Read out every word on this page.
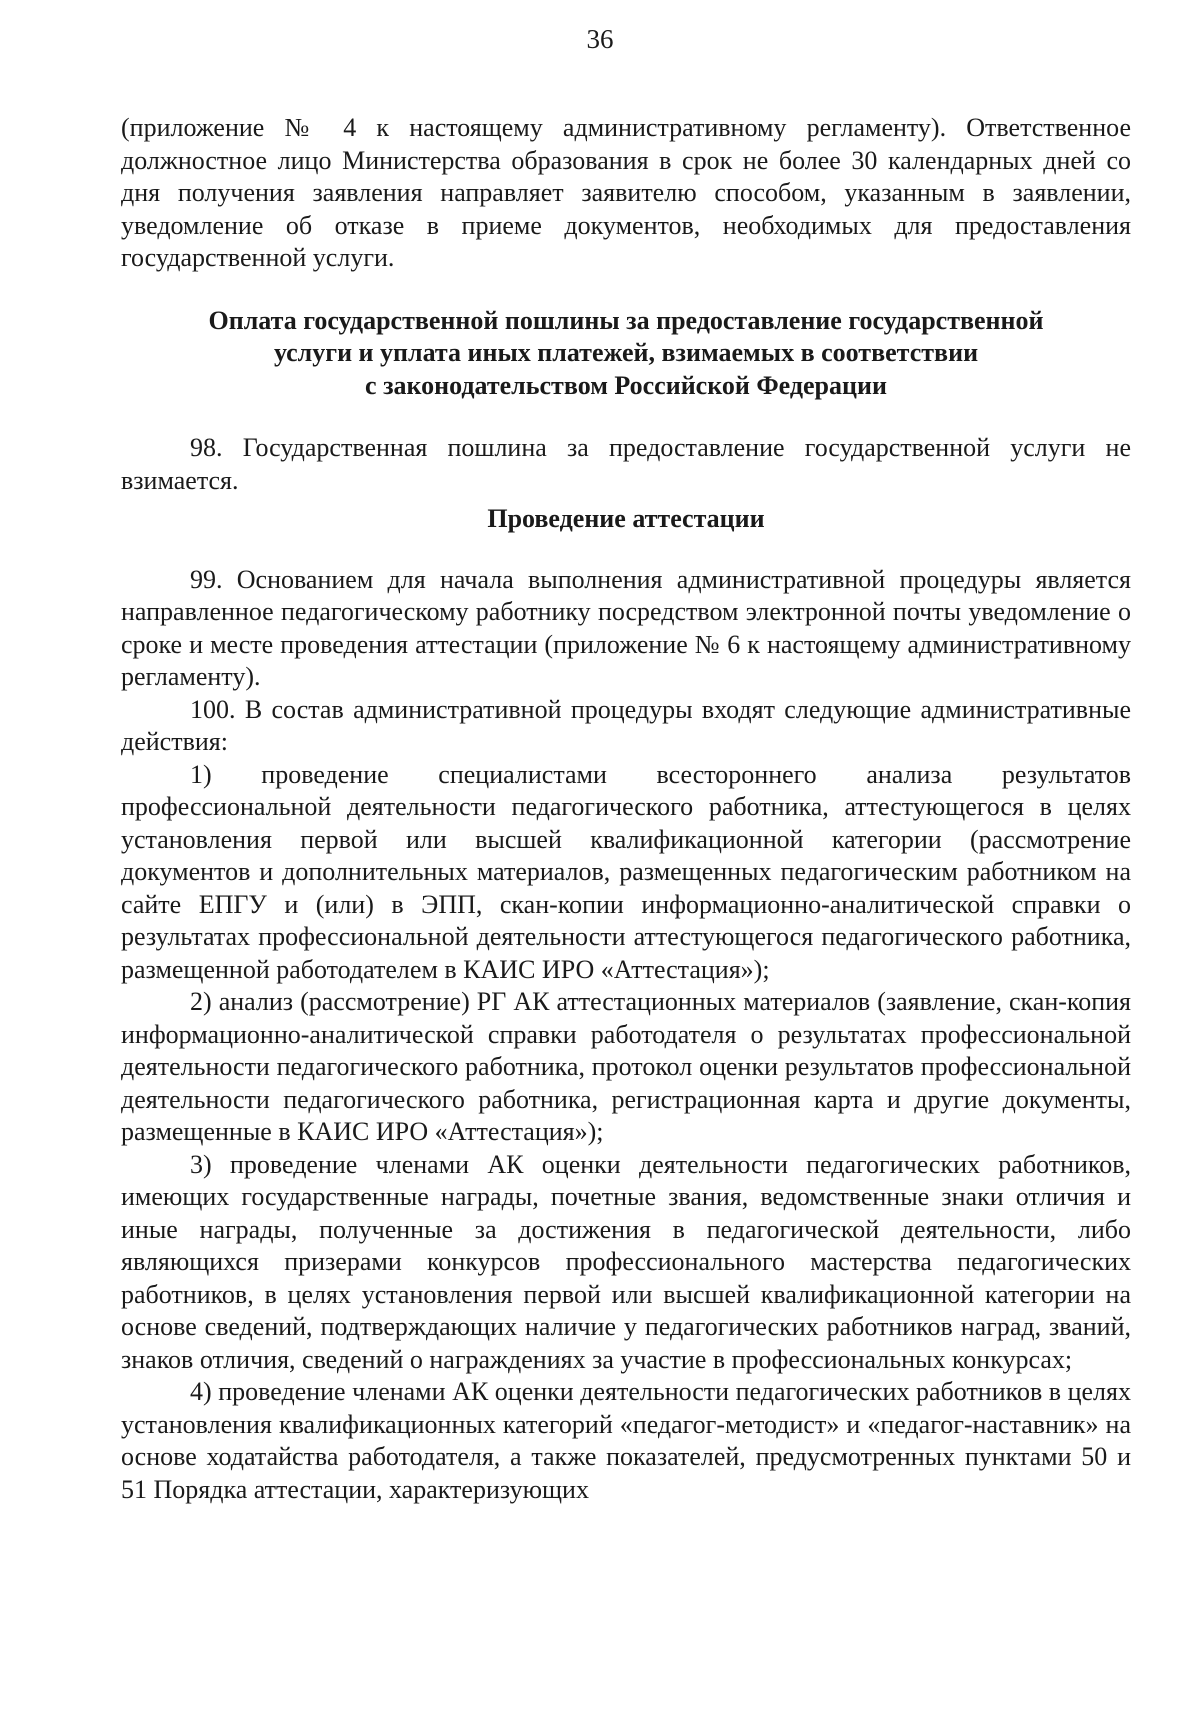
36

(приложение № 4 к настоящему административному регламенту). Ответственное должностное лицо Министерства образования в срок не более 30 календарных дней со дня получения заявления направляет заявителю способом, указанным в заявлении, уведомление об отказе в приеме документов, необходимых для предоставления государственной услуги.

Оплата государственной пошлины за предоставление государственной
услуги и уплата иных платежей, взимаемых в соответствии
с законодательством Российской Федерации

98. Государственная пошлина за предоставление государственной услуги не взимается.

Проведение аттестации

99. Основанием для начала выполнения административной процедуры является направленное педагогическому работнику посредством электронной почты уведомление о сроке и месте проведения аттестации (приложение № 6 к настоящему административному регламенту).

100. В состав административной процедуры входят следующие административные действия:

1) проведение специалистами всестороннего анализа результатов профессиональной деятельности педагогического работника, аттестующегося в целях установления первой или высшей квалификационной категории (рассмотрение документов и дополнительных материалов, размещенных педагогическим работником на сайте ЕПГУ и (или) в ЭПП, скан-копии информационно-аналитической справки о результатах профессиональной деятельности аттестующегося педагогического работника, размещенной работодателем в КАИС ИРО «Аттестация»);

2) анализ (рассмотрение) РГ АК аттестационных материалов (заявление, скан-копия информационно-аналитической справки работодателя о результатах профессиональной деятельности педагогического работника, протокол оценки результатов профессиональной деятельности педагогического работника, регистрационная карта и другие документы, размещенные в КАИС ИРО «Аттестация»);

3) проведение членами АК оценки деятельности педагогических работников, имеющих государственные награды, почетные звания, ведомственные знаки отличия и иные награды, полученные за достижения в педагогической деятельности, либо являющихся призерами конкурсов профессионального мастерства педагогических работников, в целях установления первой или высшей квалификационной категории на основе сведений, подтверждающих наличие у педагогических работников наград, званий, знаков отличия, сведений о награждениях за участие в профессиональных конкурсах;

4) проведение членами АК оценки деятельности педагогических работников в целях установления квалификационных категорий «педагог-методист» и «педагог-наставник» на основе ходатайства работодателя, а также показателей, предусмотренных пунктами 50 и 51 Порядка аттестации, характеризующих
